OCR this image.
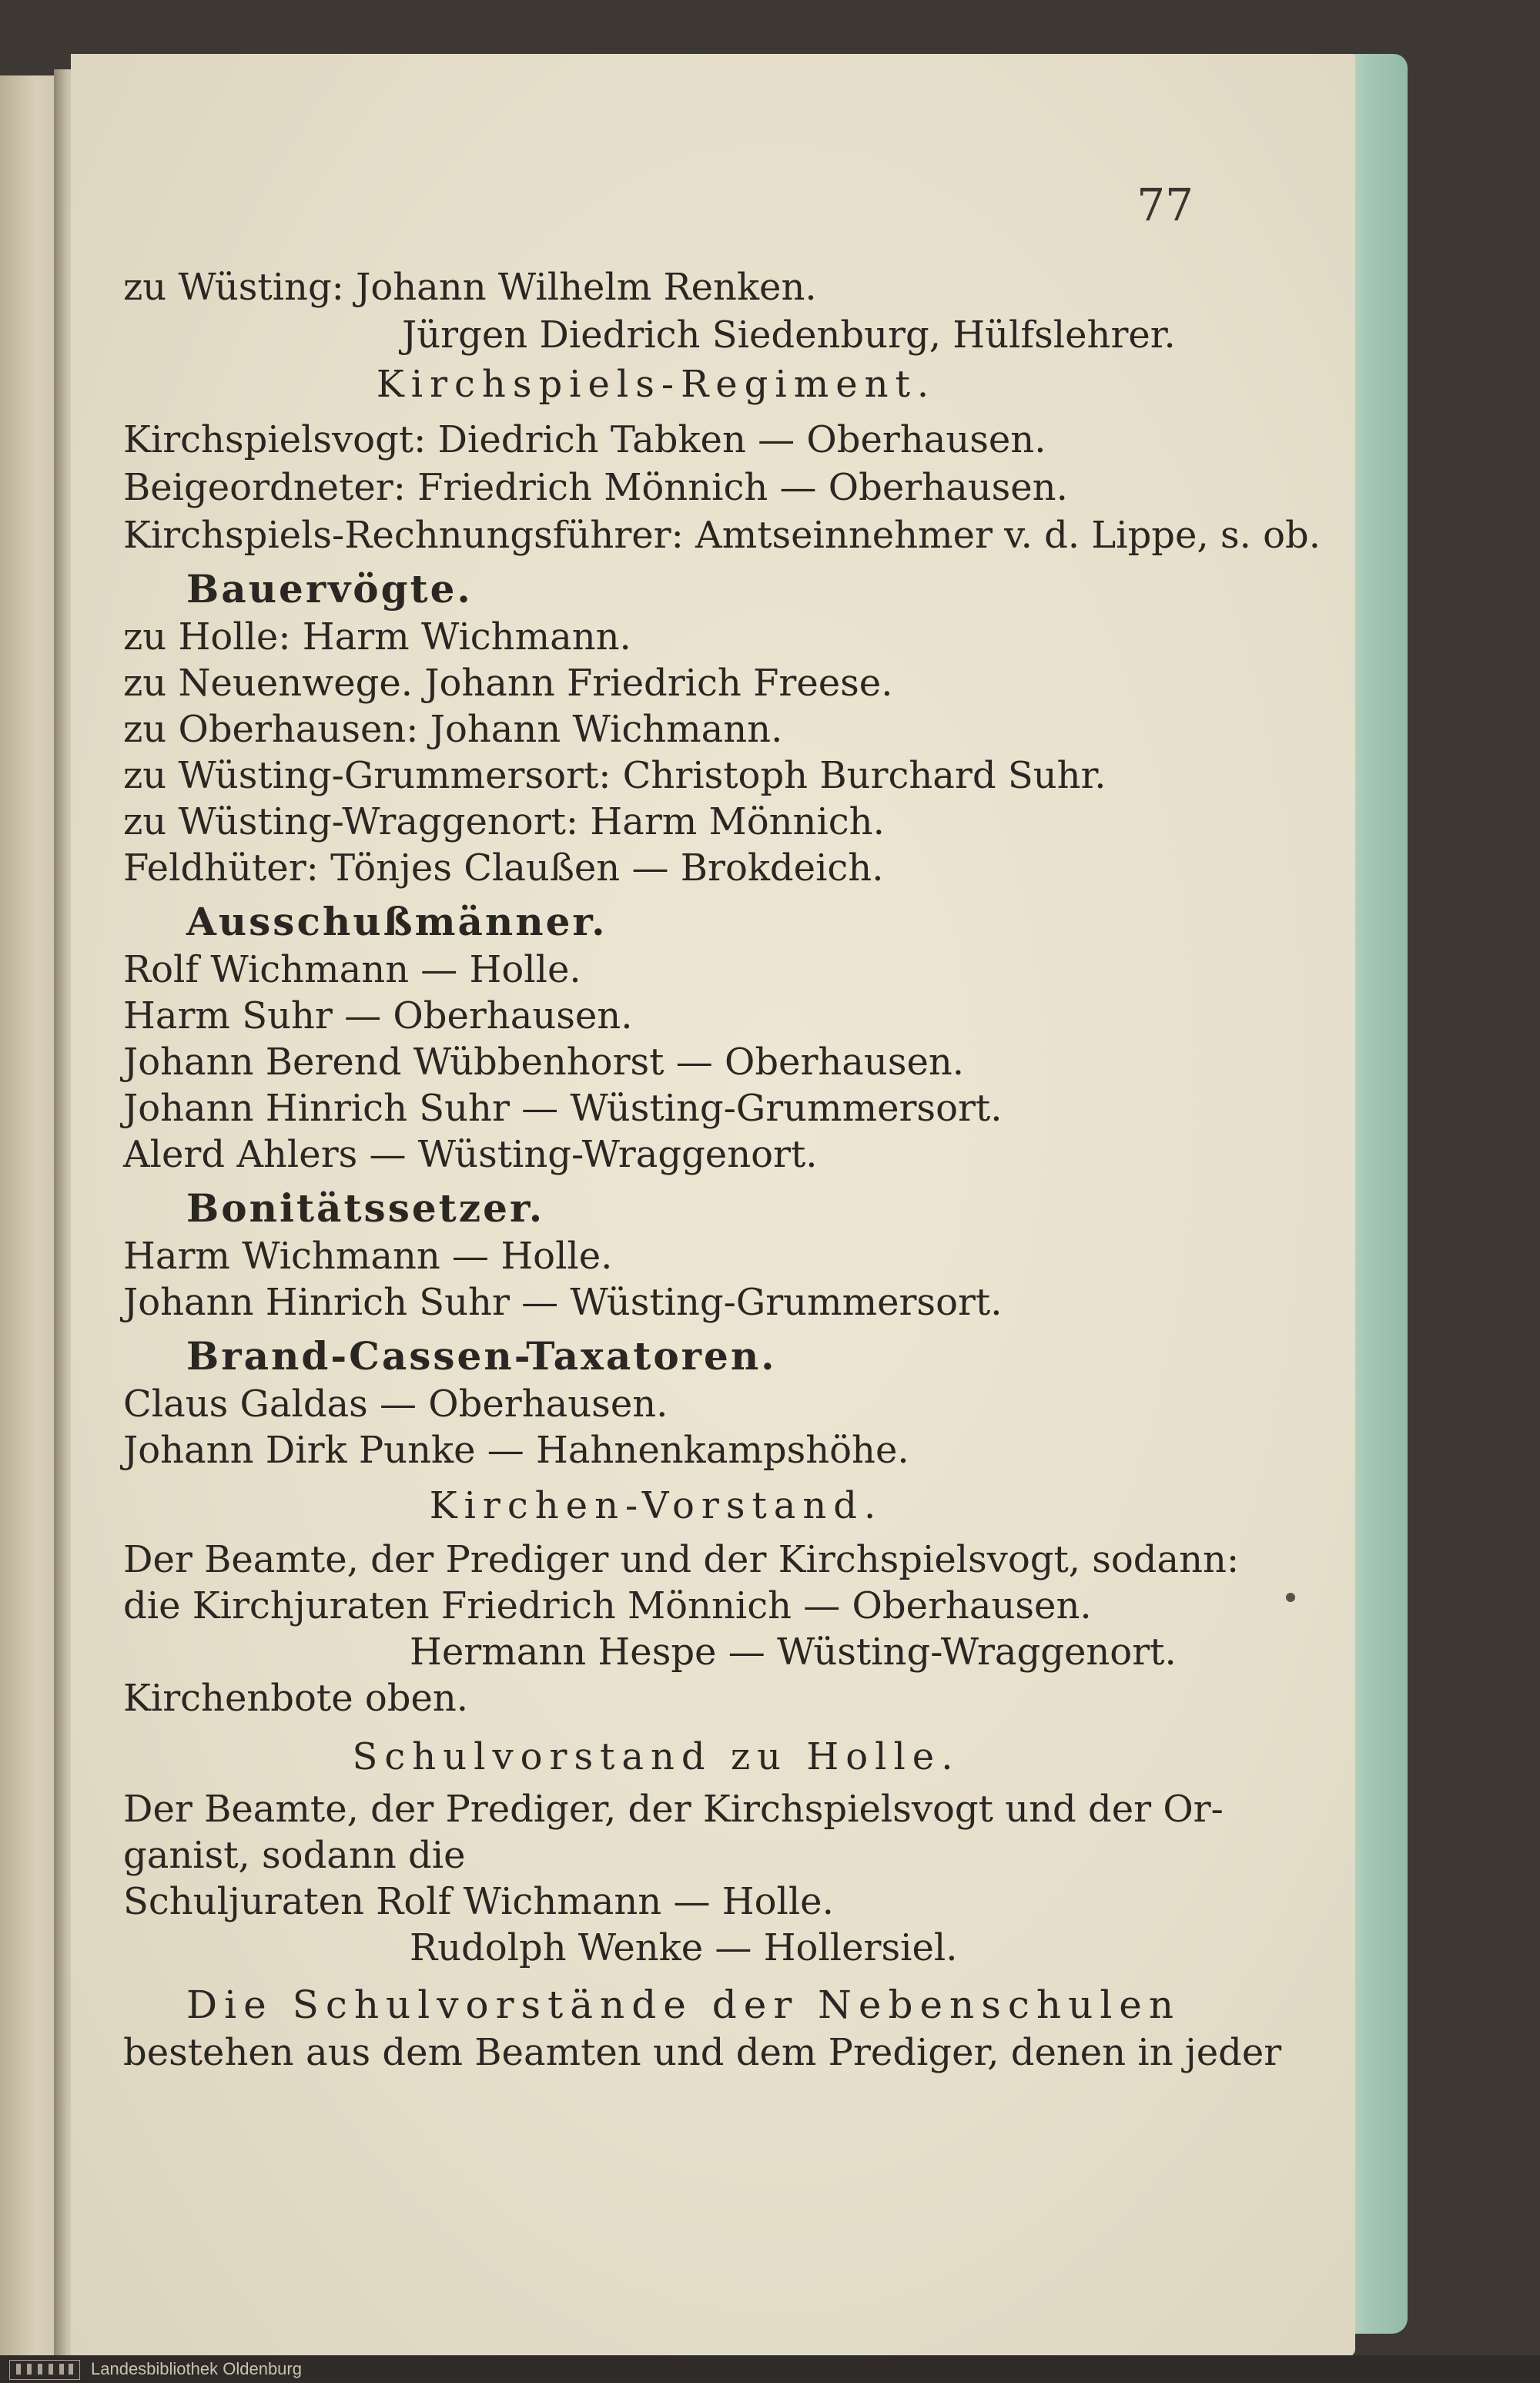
77
zu Wüsting: Johann Wilhelm Renken.
Jürgen Diedrich Siedenburg, Hülfslehrer.
Kirchspiels-Regiment.
Kirchspielsvogt: Diedrich Tabken — Oberhausen.
Beigeordneter: Friedrich Mönnich — Oberhausen.
Kirchspiels-Rechnungsführer: Amtseinnehmer v. d. Lippe, s. ob.
Bauervögte.
zu Holle: Harm Wichmann.
zu Neuenwege. Johann Friedrich Freese.
zu Oberhausen: Johann Wichmann.
zu Wüsting-Grummersort: Christoph Burchard Suhr.
zu Wüsting-Wraggenort: Harm Mönnich.
Feldhüter: Tönjes Claußen — Brokdeich.
Ausschußmänner.
Rolf Wichmann — Holle.
Harm Suhr — Oberhausen.
Johann Berend Wübbenhorst — Oberhausen.
Johann Hinrich Suhr — Wüsting-Grummersort.
Alerd Ahlers — Wüsting-Wraggenort.
Bonitätssetzer.
Harm Wichmann — Holle.
Johann Hinrich Suhr — Wüsting-Grummersort.
Brand-Cassen-Taxatoren.
Claus Galdas — Oberhausen.
Johann Dirk Punke — Hahnenkampshöhe.
Kirchen-Vorstand.
Der Beamte, der Prediger und der Kirchspielsvogt, sodann:
die Kirchjuraten Friedrich Mönnich — Oberhausen.
Hermann Hespe — Wüsting-Wraggenort.
Kirchenbote oben.
Schulvorstand zu Holle.
Der Beamte, der Prediger, der Kirchspielsvogt und der Or-
ganist, sodann die
Schuljuraten Rolf Wichmann — Holle.
Rudolph Wenke — Hollersiel.
Die Schulvorstände der Nebenschulen
bestehen aus dem Beamten und dem Prediger, denen in jeder
Landesbibliothek Oldenburg
